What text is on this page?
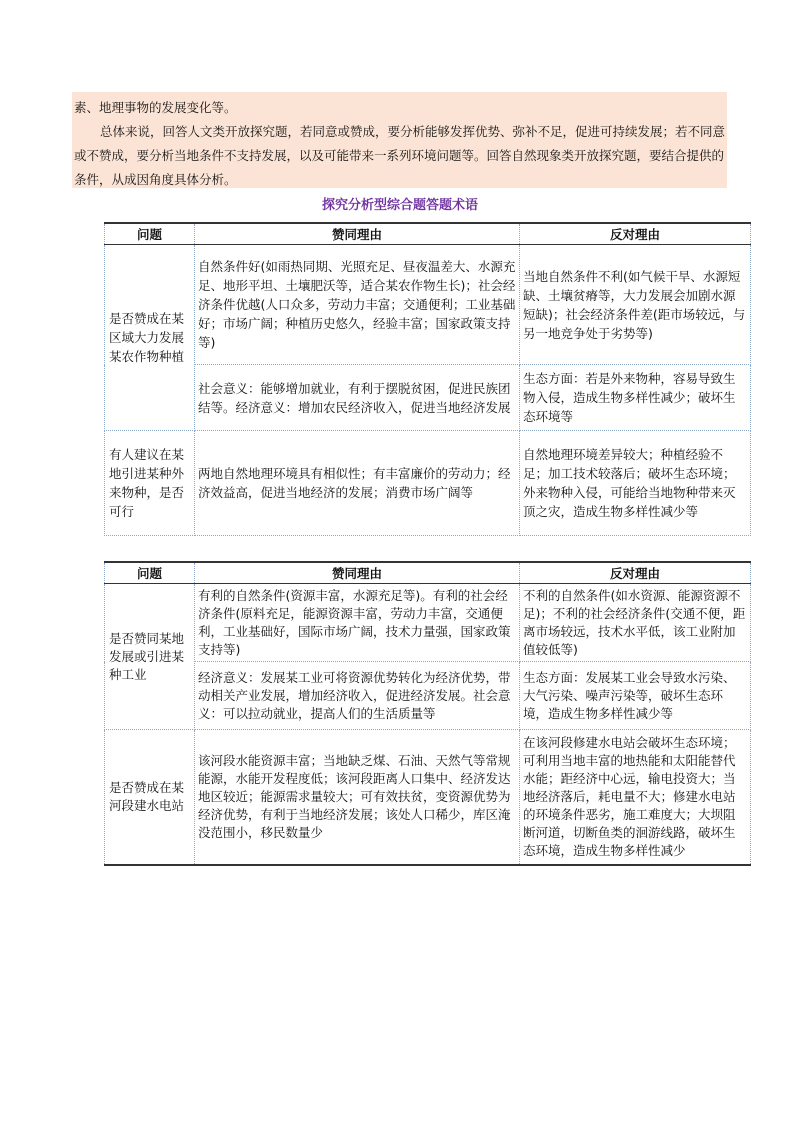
素、地理事物的发展变化等。

总体来说，回答人文类开放探究题，若同意或赞成，要分析能够发挥优势、弥补不足，促进可持续发展；若不同意或不赞成，要分析当地条件不支持发展，以及可能带来一系列环境问题等。回答自然现象类开放探究题，要结合提供的条件，从成因角度具体分析。

探究分析型综合题答题术语
问题	赞同理由	反对理由
是否赞成在某区域大力发展某农作物种植	自然条件好(如雨热同期、光照充足、昼夜温差大、水源充足、地形平坦、土壤肥沃等，适合某农作物生长)；社会经济条件优越(人口众多，劳动力丰富；交通便利；工业基础好；市场广阔；种植历史悠久，经验丰富；国家政策支持等)	当地自然条件不利(如气候干旱、水源短缺、土壤贫瘠等，大力发展会加剧水源短缺)；社会经济条件差(距市场较远，与另一地竞争处于劣势等)
	社会意义：能够增加就业，有利于摆脱贫困，促进民族团结等。经济意义：增加农民经济收入，促进当地经济发展	生态方面：若是外来物种，容易导致生物入侵，造成生物多样性减少；破坏生态环境等
有人建议在某地引进某种外来物种，是否可行	两地自然地理环境具有相似性；有丰富廉价的劳动力；经济效益高，促进当地经济的发展；消费市场广阔等	自然地理环境差异较大；种植经验不足；加工技术较落后；破坏生态环境；外来物种入侵，可能给当地物种带来灭顶之灾，造成生物多样性减少等
问题	赞同理由	反对理由
是否赞同某地发展或引进某种工业	有利的自然条件(资源丰富，水源充足等)。有利的社会经济条件(原料充足，能源资源丰富，劳动力丰富，交通便利，工业基础好，国际市场广阔，技术力量强，国家政策支持等)	不利的自然条件(如水资源、能源资源不足)；不利的社会经济条件(交通不便，距离市场较远，技术水平低，该工业附加值较低等)
	经济意义：发展某工业可将资源优势转化为经济优势，带动相关产业发展，增加经济收入，促进经济发展。社会意义：可以拉动就业，提高人们的生活质量等	生态方面：发展某工业会导致水污染、大气污染、噪声污染等，破坏生态环境，造成生物多样性减少等
是否赞成在某河段建水电站	该河段水能资源丰富；当地缺乏煤、石油、天然气等常规能源，水能开发程度低；该河段距离人口集中、经济发达地区较近；能源需求量较大；可有效扶贫，变资源优势为经济优势，有利于当地经济发展；该处人口稀少，库区淹没范围小，移民数量少	在该河段修建水电站会破坏生态环境；可利用当地丰富的地热能和太阳能替代水能；距经济中心远，输电投资大；当地经济落后，耗电量不大；修建水电站的环境条件恶劣，施工难度大；大坝阻断河道，切断鱼类的洄游线路，破坏生态环境，造成生物多样性减少
